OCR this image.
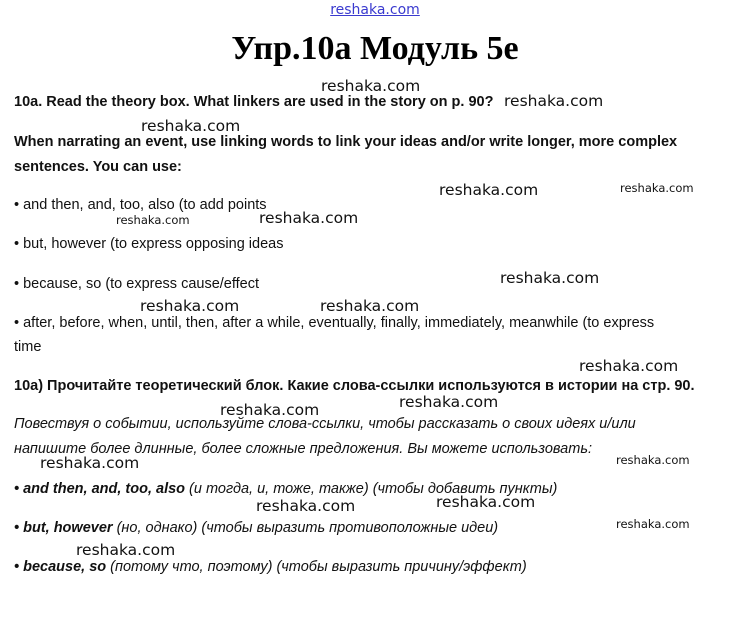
reshaka.com
Упр.10а Модуль 5е
10a. Read the theory box. What linkers are used in the story on p. 90?
When narrating an event, use linking words to link your ideas and/or write longer, more complex
sentences. You can use:
• and then, and, too, also (to add points
• but, however (to express opposing ideas
• because, so (to express cause/effect
• after, before, when, until, then, after a while, eventually, finally, immediately, meanwhile (to express
time
10а) Прочитайте теоретический блок. Какие слова-ссылки используются в истории на стр. 90.
Повествуя о событии, используйте слова-ссылки, чтобы рассказать о своих идеях и/или
напишите более длинные, более сложные предложения. Вы можете использовать:
• and then, and, too, also (и тогда, и, тоже, также) (чтобы добавить пункты)
• but, however (но, однако) (чтобы выразить противоположные идеи)
• because, so (потому что, поэтому) (чтобы выразить причину/эффект)
reshaka.com
reshaka.com
reshaka.com
reshaka.com	reshaka.com
reshaka.com
reshaka.com
reshaka.com
reshaka.com	reshaka.com
reshaka.com
reshaka.com
reshaka.com
reshaka.com	reshaka.com
reshaka.com
reshaka.com
reshaka.com
reshaka.com
